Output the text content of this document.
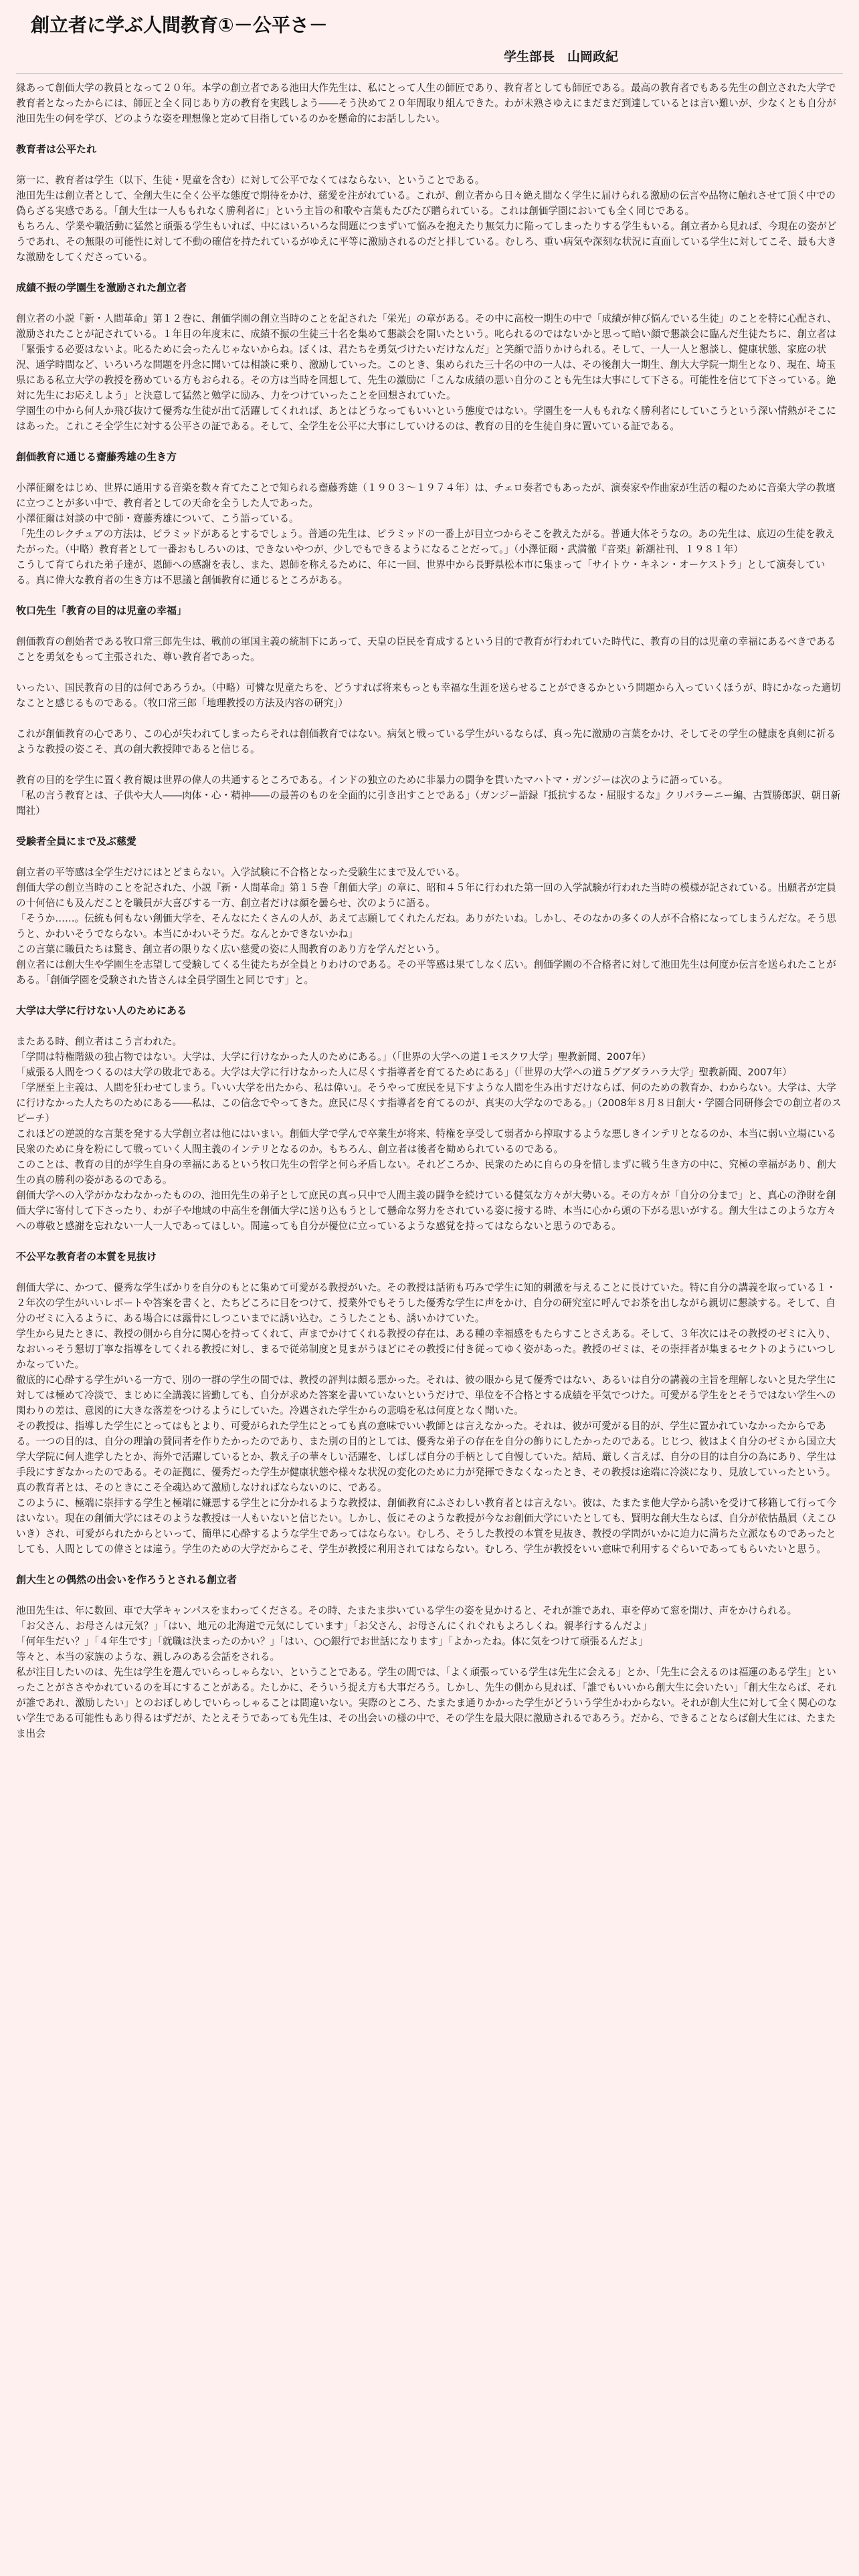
創立者に学ぶ人間教育①－公平さ－
学生部長　山岡政紀

縁あって創価大学の教員となって２０年。本学の創立者である池田大作先生は、私にとって人生の師匠であり、教育者としても師匠である。最高の教育者でもある先生の創立された大学で教育者となったからには、師匠と全く同じあり方の教育を実践しよう――そう決めて２０年間取り組んできた。わが未熟さゆえにまだまだ到達しているとは言い難いが、少なくとも自分が池田先生の何を学び、どのような姿を理想像と定めて目指しているのかを懸命的にお話ししたい。

教育者は公平たれ

第一に、教育者は学生（以下、生徒・児童を含む）に対して公平でなくてはならない、ということである。

池田先生は創立者として、全創大生に全く公平な態度で期待をかけ、慈愛を注がれている。これが、創立者から日々絶え間なく学生に届けられる激励の伝言や品物に触れさせて頂く中での偽らざる実感である。「創大生は一人ももれなく勝利者に」という主旨の和歌や言葉もたびたび贈られている。これは創価学園においても全く同じである。

もちろん、学業や職活動に猛然と頑張る学生もいれば、中にはいろいろな問題につまずいて悩みを抱えたり無気力に陥ってしまったりする学生もいる。創立者から見れば、今現在の姿がどうであれ、その無限の可能性に対して不動の確信を持たれているがゆえに平等に激励されるのだと拝している。むしろ、重い病気や深刻な状況に直面している学生に対してこそ、最も大きな激励をしてくださっている。

成績不振の学園生を激励された創立者

創立者の小説『新・人間革命』第１２巻に、創価学園の創立当時のことを記された「栄光」の章がある。その中に高校一期生の中で「成績が伸び悩んでいる生徒」のことを特に心配され、激励されたことが記されている。１年目の年度末に、成績不振の生徒三十名を集めて懇談会を開いたという。叱られるのではないかと思って暗い顔で懇談会に臨んだ生徒たちに、創立者は「緊張する必要はないよ。叱るために会ったんじゃないからね。ぼくは、君たちを勇気づけたいだけなんだ」と笑顔で語りかけられる。そして、一人一人と懇談し、健康状態、家庭の状況、通学時間など、いろいろな問題を丹念に聞いては相談に乗り、激励していった。このとき、集められた三十名の中の一人は、その後創大一期生、創大大学院一期生となり、現在、埼玉県にある私立大学の教授を務めている方もおられる。その方は当時を回想して、先生の激励に「こんな成績の悪い自分のことも先生は大事にして下さる。可能性を信じて下さっている。絶対に先生にお応えしよう」と決意して猛然と勉学に励み、力をつけていったことを回想されていた。

学園生の中から何人か飛び抜けて優秀な生徒が出て活躍してくれれば、あとはどうなってもいいという態度ではない。学園生を一人ももれなく勝利者にしていこうという深い情熱がそこにはあった。これこそ全学生に対する公平さの証である。そして、全学生を公平に大事にしていけるのは、教育の目的を生徒自身に置いている証である。

創価教育に通じる齋藤秀雄の生き方

小澤征爾をはじめ、世界に通用する音楽を数々育てたことで知られる齋藤秀雄（１９０３～１９７４年）は、チェロ奏者でもあったが、演奏家や作曲家が生活の糧のために音楽大学の教壇に立つことが多い中で、教育者としての天命を全うした人であった。

小澤征爾は対談の中で師・齋藤秀雄について、こう語っている。

「先生のレクチュアの方法は、ピラミッドがあるとするでしょう。普通の先生は、ピラミッドの一番上が目立つからそこを教えたがる。普通大体そうなの。あの先生は、底辺の生徒を教えたがった。（中略）教育者として一番おもしろいのは、できないやつが、少しでもできるようになることだって。」（小澤征爾・武満徹『音楽』新潮社刊、１９８１年）

こうして育てられた弟子達が、恩師への感謝を表し、また、恩師を称えるために、年に一回、世界中から長野県松本市に集まって「サイトウ・キネン・オーケストラ」として演奏している。真に偉大な教育者の生き方は不思議と創価教育に通じるところがある。

牧口先生「教育の目的は児童の幸福」

創価教育の創始者である牧口常三郎先生は、戦前の軍国主義の統制下にあって、天皇の臣民を育成するという目的で教育が行われていた時代に、教育の目的は児童の幸福にあるべきであることを勇気をもって主張された、尊い教育者であった。

いったい、国民教育の目的は何であろうか。（中略）可憐な児童たちを、どうすれば将来もっとも幸福な生涯を送らせることができるかという問題から入っていくほうが、時にかなった適切なことと感じるものである。（牧口常三郎「地理教授の方法及内容の研究」）

これが創価教育の心であり、この心が失われてしまったらそれは創価教育ではない。病気と戦っている学生がいるならば、真っ先に激励の言葉をかけ、そしてその学生の健康を真剣に祈るような教授の姿こそ、真の創大教授陣であると信じる。

教育の目的を学生に置く教育観は世界の偉人の共通するところである。インドの独立のために非暴力の闘争を貫いたマハトマ・ガンジーは次のように語っている。

「私の言う教育とは、子供や大人――肉体・心・精神――の最善のものを全面的に引き出すことである」（ガンジー語録『抵抗するな・屈服するな』クリパラーニー編、古賀勝郎訳、朝日新聞社）

受験者全員にまで及ぶ慈愛

創立者の平等感は全学生だけにはとどまらない。入学試験に不合格となった受験生にまで及んでいる。

創価大学の創立当時のことを記された、小説『新・人間革命』第１５巻「創価大学」の章に、昭和４５年に行われた第一回の入学試験が行われた当時の模様が記されている。出願者が定員の十何倍にも及んだことを職員が大喜びする一方、創立者だけは顔を曇らせ、次のように語る。

「そうか……。伝統も何もない創価大学を、そんなにたくさんの人が、あえて志願してくれたんだね。ありがたいね。しかし、そのなかの多くの人が不合格になってしまうんだな。そう思うと、かわいそうでならない。本当にかわいそうだ。なんとかできないかね」

この言葉に職員たちは驚き、創立者の限りなく広い慈愛の姿に人間教育のあり方を学んだという。

創立者には創大生や学園生を志望して受験してくる生徒たちが全員とりわけのである。その平等感は果てしなく広い。創価学園の不合格者に対して池田先生は何度か伝言を送られたことがある。「創価学園を受験された皆さんは全員学園生と同じです」と。

大学は大学に行けない人のためにある

またある時、創立者はこう言われた。

「学問は特権階級の独占物ではない。大学は、大学に行けなかった人のためにある。」（「世界の大学への道１モスクワ大学」聖教新聞、2007年）

「威張る人間をつくるのは大学の敗北である。大学は大学に行けなかった人に尽くす指導者を育てるためにある」（「世界の大学への道５グアダラハラ大学」聖教新聞、2007年）

「学歴至上主義は、人間を狂わせてしまう。『いい大学を出たから、私は偉い』。そうやって庶民を見下すような人間を生み出すだけならば、何のための教育か、わからない。大学は、大学に行けなかった人たちのためにある――私は、この信念でやってきた。庶民に尽くす指導者を育てるのが、真実の大学なのである。」（2008年８月８日創大・学園合同研修会での創立者のスピーチ）

これほどの逆説的な言葉を発する大学創立者は他にはいまい。創価大学で学んで卒業生が将来、特権を享受して弱者から搾取するような悪しきインテリとなるのか、本当に弱い立場にいる民衆のために身を粉にして戦っていく人間主義のインテリとなるのか。もちろん、創立者は後者を勧められているのである。

このことは、教育の目的が学生自身の幸福にあるという牧口先生の哲学と何ら矛盾しない。それどころか、民衆のために自らの身を惜しまずに戦う生き方の中に、究極の幸福があり、創大生の真の勝利の姿があるのである。

創価大学への入学がかなわなかったものの、池田先生の弟子として庶民の真っ只中で人間主義の闘争を続けている健気な方々が大勢いる。その方々が「自分の分まで」と、真心の浄財を創価大学に寄付して下さったり、わが子や地域の中高生を創価大学に送り込もうとして懸命な努力をされている姿に接する時、本当に心から頭の下がる思いがする。創大生はこのような方々への尊敬と感謝を忘れない一人一人であってほしい。間違っても自分が優位に立っているような感覚を持ってはならないと思うのである。

不公平な教育者の本質を見抜け

創価大学に、かつて、優秀な学生ばかりを自分のもとに集めて可愛がる教授がいた。その教授は話術も巧みで学生に知的刺激を与えることに長けていた。特に自分の講義を取っている１・２年次の学生がいいレポートや答案を書くと、たちどころに目をつけて、授業外でもそうした優秀な学生に声をかけ、自分の研究室に呼んでお茶を出しながら親切に懇談する。そして、自分のゼミに入るように、ある場合には露骨にしつこいまでに誘い込む。こうしたことも、誘いかけていた。

学生から見たときに、教授の側から自分に関心を持ってくれて、声までかけてくれる教授の存在は、ある種の幸福感をもたらすことさえある。そして、３年次にはその教授のゼミに入り、なおいっそう懇切丁寧な指導をしてくれる教授に対し、まるで従弟制度と見まがうほどにその教授に付き従ってゆく姿があった。教授のゼミは、その崇拝者が集まるセクトのようにいつしかなっていた。

徹底的に心酔する学生がいる一方で、別の一群の学生の間では、教授の評判は頗る悪かった。それは、彼の眼から見て優秀ではない、あるいは自分の講義の主旨を理解しないと見た学生に対しては極めて冷淡で、まじめに全講義に皆勤しても、自分が求めた答案を書いていないというだけで、単位を不合格とする成績を平気でつけた。可愛がる学生をとそうではない学生への関わりの差は、意図的に大きな落差をつけるようにしていた。冷遇された学生からの悲鳴を私は何度となく聞いた。

その教授は、指導した学生にとってはもとより、可愛がられた学生にとっても真の意味でいい教師とは言えなかった。それは、彼が可愛がる目的が、学生に置かれていなかったからである。一つの目的は、自分の理論の賛同者を作りたかったのであり、また別の目的としては、優秀な弟子の存在を自分の飾りにしたかったのである。じじつ、彼はよく自分のゼミから国立大学大学院に何人進学したとか、海外で活躍しているとか、教え子の華々しい活躍を、しばしば自分の手柄として自慢していた。結局、厳しく言えば、自分の目的は自分の為にあり、学生は手段にすぎなかったのである。その証拠に、優秀だった学生が健康状態や様々な状況の変化のために力が発揮できなくなったとき、その教授は途端に冷淡になり、見放していったという。真の教育者とは、そのときにこそ全魂込めて激励しなければならないのに、である。

このように、極端に崇拝する学生と極端に嫌悪する学生とに分かれるような教授は、創価教育にふさわしい教育者とは言えない。彼は、たまたま他大学から誘いを受けて移籍して行って今はいない。現在の創価大学にはそのような教授は一人もいないと信じたい。しかし、仮にそのような教授が今なお創価大学にいたとしても、賢明な創大生ならば、自分が依怙贔屓（えこひいき）され、可愛がられたからといって、簡単に心酔するような学生であってはならない。むしろ、そうした教授の本質を見抜き、教授の学問がいかに迫力に満ちた立派なものであったとしても、人間としての偉さとは違う。学生のための大学だからこそ、学生が教授に利用されてはならない。むしろ、学生が教授をいい意味で利用するぐらいであってもらいたいと思う。

創大生との偶然の出会いを作ろうとされる創立者

池田先生は、年に数回、車で大学キャンパスをまわってくださる。その時、たまたま歩いている学生の姿を見かけると、それが誰であれ、車を停めて窓を開け、声をかけられる。

「お父さん、お母さんは元気？」「はい、地元の北海道で元気にしています」「お父さん、お母さんにくれぐれもよろしくね。親孝行するんだよ」

「何年生だい？」「４年生です」「就職は決まったのかい？」「はい、○○銀行でお世話になります」「よかったね。体に気をつけて頑張るんだよ」

等々と、本当の家族のような、親しみのある会話をされる。

私が注目したいのは、先生は学生を選んでいらっしゃらない、ということである。学生の間では、「よく頑張っている学生は先生に会える」とか、「先生に会えるのは福運のある学生」といったことがささやかれているのを耳にすることがある。たしかに、そういう捉え方も大事だろう。しかし、先生の側から見れば、「誰でもいいから創大生に会いたい」「創大生ならば、それが誰であれ、激励したい」とのおぼしめしでいらっしゃることは間違いない。実際のところ、たまたま通りかかった学生がどういう学生かわからない。それが創大生に対して全く関心のない学生である可能性もあり得るはずだが、たとえそうであっても先生は、その出会いの様の中で、その学生を最大限に激励されるであろう。だから、できることならば創大生には、たまたま出会
